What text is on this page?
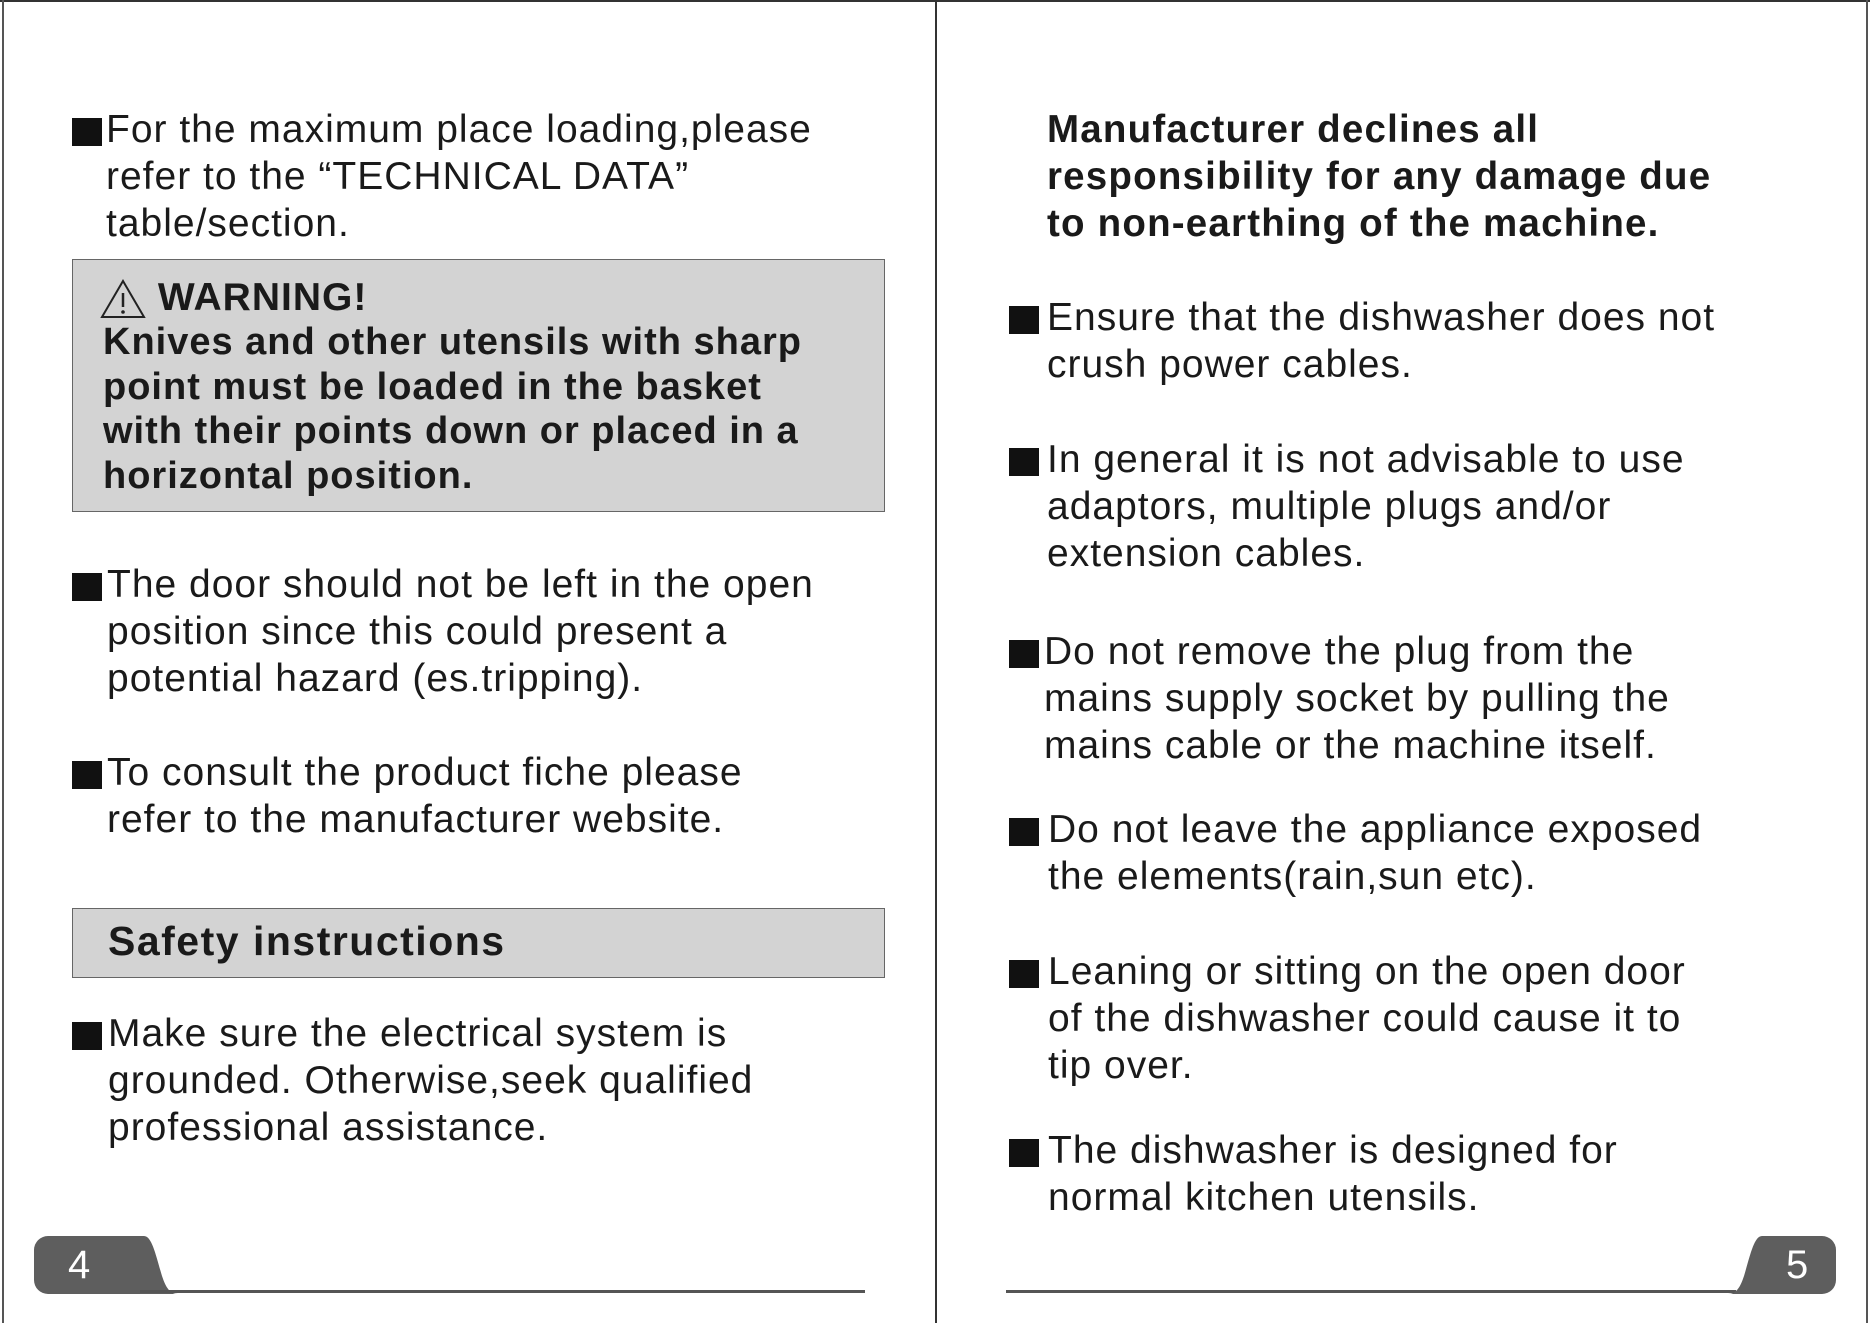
For the maximum place loading,please
refer to the “TECHNICAL DATA”
table/section.
WARNING!
Knives and other utensils with sharp
point must be loaded in the basket
with their points down or placed in a
horizontal position.
The door should not be left in the open
position since this could present a
potential hazard (es.tripping).
To consult the product fiche please
refer to the manufacturer website.
Safety instructions
Make sure the electrical system is
grounded. Otherwise,seek qualified
professional assistance.
4
Manufacturer declines all
responsibility for any damage due
to non-earthing of the machine.
Ensure that the dishwasher does not
crush power cables.
In general it is not advisable to use
adaptors, multiple plugs and/or
extension cables.
Do not remove the plug from the
mains supply socket by pulling the
mains cable or the machine itself.
Do not leave the appliance exposed
the elements(rain,sun etc).
Leaning or sitting on the open door
of the dishwasher could cause it to
tip over.
The dishwasher is designed for
normal kitchen utensils.
5
